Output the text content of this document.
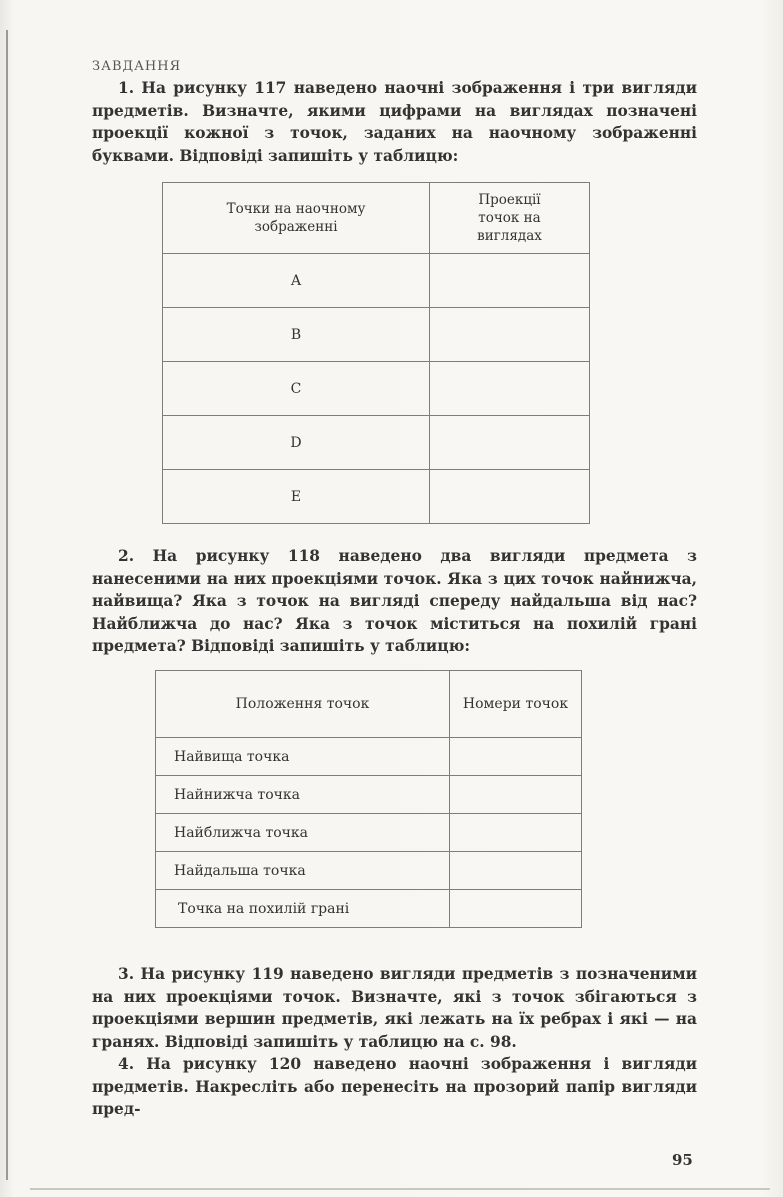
ЗАВДАННЯ

1. На рисунку 117 наведено наочні зображення і три вигляди предметів. Визначте, якими цифрами на виглядах позначені проекції кожної з точок, заданих на наочному зображенні буквами. Відповіді запишіть у таблицю:

Точки на наочному зображенні	Проекції точок на виглядах
A	
B	
C	
D	
E	

2. На рисунку 118 наведено два вигляди предмета з нанесеними на них проекціями точок. Яка з цих точок найнижча, найвища? Яка з точок на вигляді спереду найдальша від нас? Найближча до нас? Яка з точок міститься на похилій грані предмета? Відповіді запишіть у таблицю:

Положення точок	Номери точок
Найвища точка	
Найнижча точка	
Найближча точка	
Найдальша точка	
Точка на похилій грані	

3. На рисунку 119 наведено вигляди предметів з позначеними на них проекціями точок. Визначте, які з точок збігаються з проекціями вершин предметів, які лежать на їх ребрах і які — на гранях. Відповіді запишіть у таблицю на с. 98.

4. На рисунку 120 наведено наочні зображення і вигляди предметів. Накресліть або перенесіть на прозорий папір вигляди пред-

95
